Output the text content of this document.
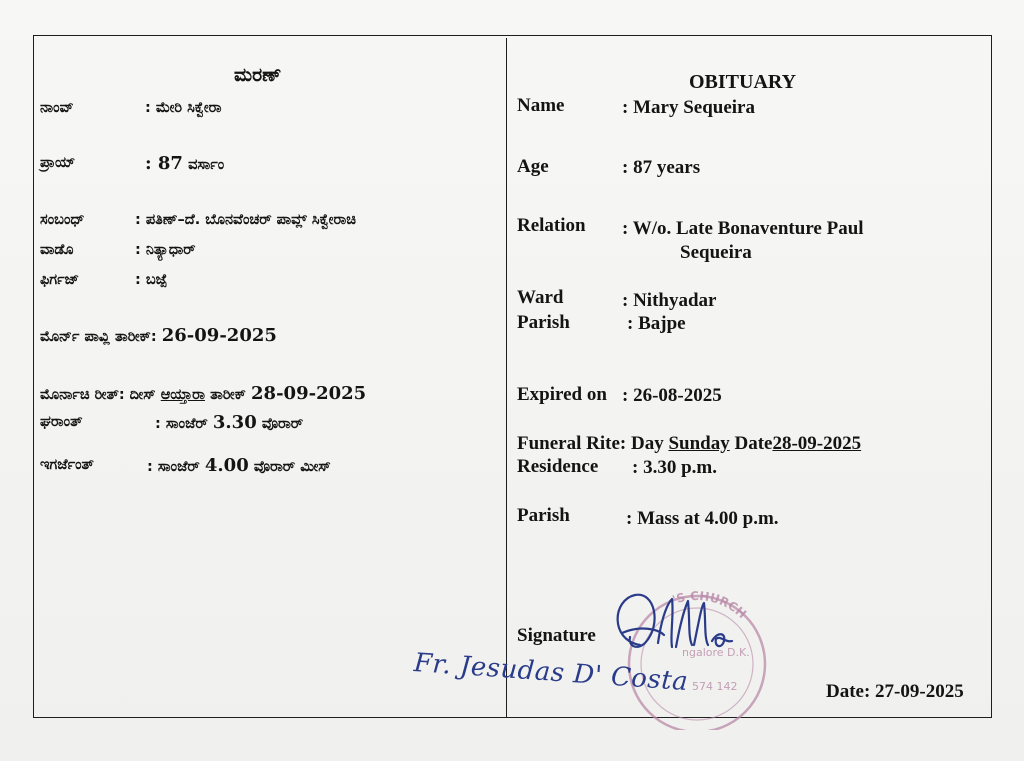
ಮರಣ್
ನಾಂವ್	: ಮೇರಿ ಸಿಕ್ವೇರಾ
ಪ್ರಾಯ್	: 87 ವರ್ಸಾಂ
ಸಂಬಂಧ್	: ಪತಿಣ್–ದೆ. ಬೊನವೆಂಚರ್ ಪಾವ್ಲ್ ಸಿಕ್ವೇರಾಚಿ
ವಾಡೊ	: ನಿತ್ಯಾಧಾರ್
ಫಿರ್ಗಜ್	: ಬಜ್ಪೆ
ಮೊರ್ನ್ ಪಾವ್ಲಿ ತಾರೀಕ್: 26-09-2025
ಮೊರ್ನಾಚಿ ರೀತ್: ದೀಸ್ ಆಯ್ತಾರಾ ತಾರೀಕ್ 28-09-2025
ಘರಾಂತ್	: ಸಾಂಜೆರ್ 3.30 ವೊರಾರ್
ಇಗರ್ಜೆಂತ್	: ಸಾಂಜೆರ್ 4.00 ವೊರಾರ್ ಮೀಸ್
OBITUARY
Name	: Mary Sequeira
Age	: 87 years
Relation : W/o. Late Bonaventure Paul
Sequeira
Ward	: Nithyadar
Parish	: Bajpe
Expired on : 26-08-2025
Funeral Rite: Day Sunday Date28-09-2025
Residence : 3.30 p.m.
Parish	: Mass at 4.00 p.m.
Signature
Date: 27-09-2025
'S CHURCH
ngalore D.K.
574 142
Fr. Jesudas D' Costa
